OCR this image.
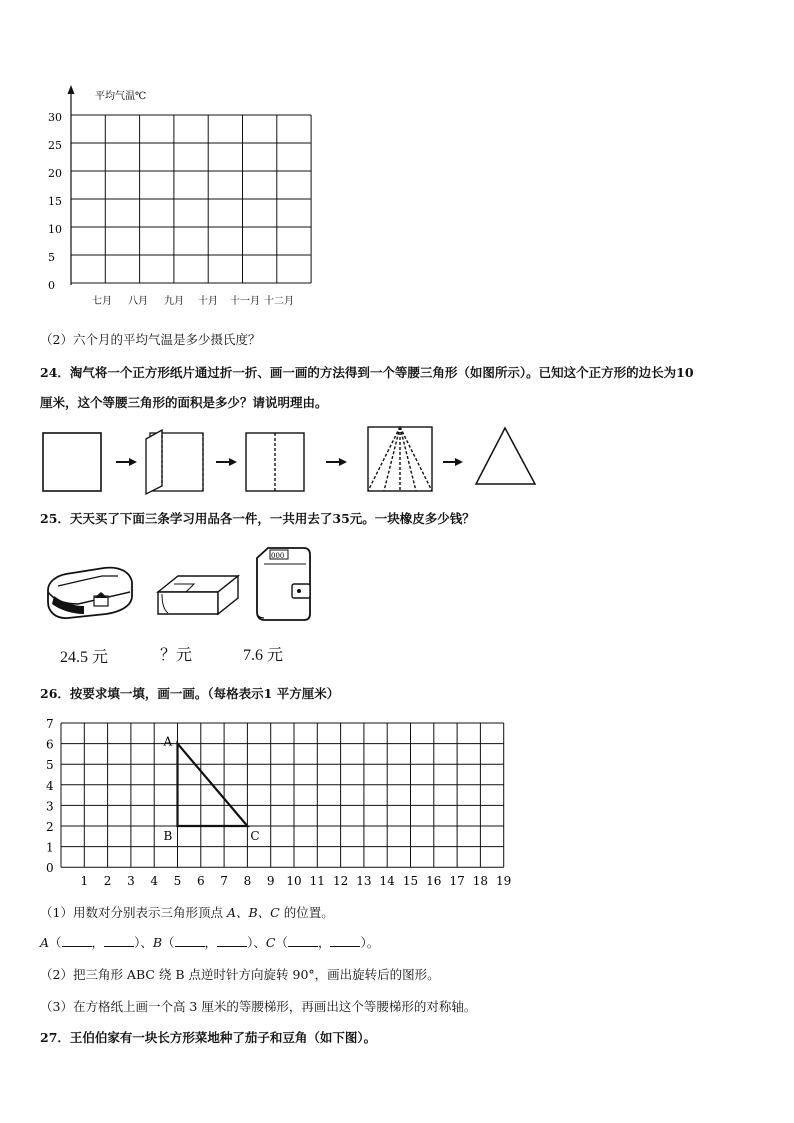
平均气温℃
30
25
20
15
10
5
0
七月 八月 九月 十月 十一月 十二月
（2）六个月的平均气温是多少摄氏度？
24．淘气将一个正方形纸片通过折一折、画一画的方法得到一个等腰三角形（如图所示）。已知这个正方形的边长为10
厘米，这个等腰三角形的面积是多少？请说明理由。
25．天天买了下面三条学习用品各一件，一共用去了35元。一块橡皮多少钱？
000
24.5 元	？元	7.6 元
26．按要求填一填，画一画。（每格表示1 平方厘米）
0
1
2
3
4
5
6
7
1 2 3 4 5 6 7 8 9 10 11 12 13 14 15 16 17 18 19
A
B	C
（1）用数对分别表示三角形顶点 A、B、C 的位置。
A（ ， ）、B（ ， ）、C（ ， ）。
（2）把三角形 ABC 绕 B 点逆时针方向旋转 90°，画出旋转后的图形。
（3）在方格纸上画一个高 3 厘米的等腰梯形，再画出这个等腰梯形的对称轴。
27．王伯伯家有一块长方形菜地种了茄子和豆角（如下图）。
